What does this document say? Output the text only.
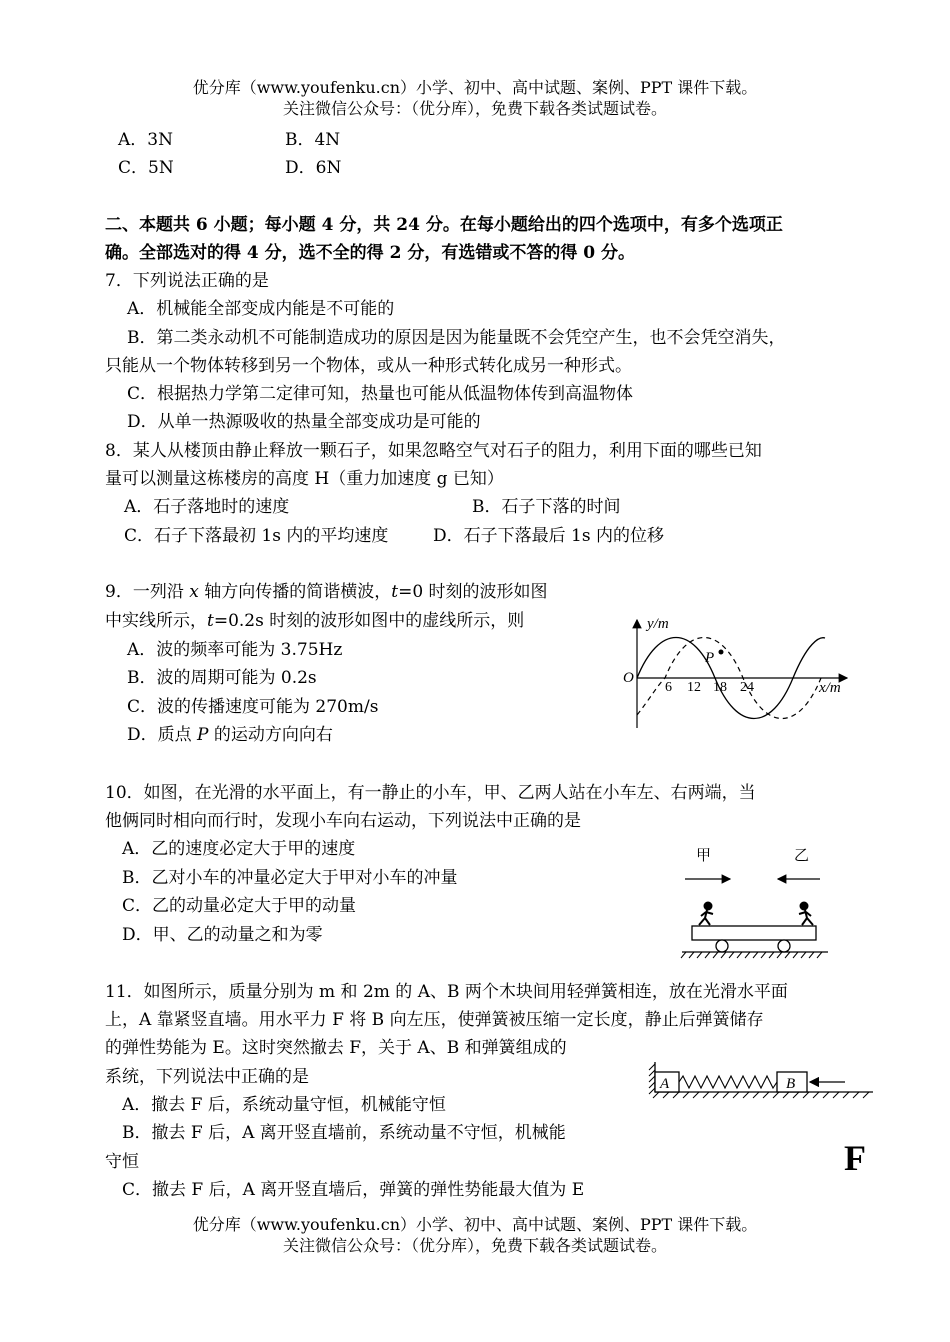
优分库（www.youfenku.cn）小学、初中、高中试题、案例、PPT 课件下载。
关注微信公众号：（优分库），免费下载各类试题试卷。
A．3N	B．4N
C．5N	D．6N
二、本题共 6 小题；每小题 4 分，共 24 分。在每小题给出的四个选项中，有多个选项正
确。全部选对的得 4 分，选不全的得 2 分，有选错或不答的得 0 分。
7．下列说法正确的是
A．机械能全部变成内能是不可能的
B．第二类永动机不可能制造成功的原因是因为能量既不会凭空产生，也不会凭空消失，
只能从一个物体转移到另一个物体，或从一种形式转化成另一种形式。
C．根据热力学第二定律可知，热量也可能从低温物体传到高温物体
D．从单一热源吸收的热量全部变成功是可能的
8．某人从楼顶由静止释放一颗石子，如果忽略空气对石子的阻力，利用下面的哪些已知
量可以测量这栋楼房的高度 H（重力加速度 g 已知）
A．石子落地时的速度	B．石子下落的时间
C．石子下落最初 1s 内的平均速度	D．石子下落最后 1s 内的位移
9．一列沿 x 轴方向传播的简谐横波，t=0 时刻的波形如图
中实线所示，t=0.2s 时刻的波形如图中的虚线所示，则
A．波的频率可能为 3.75Hz
B．波的周期可能为 0.2s
C．波的传播速度可能为 270m/s
D．质点 P 的运动方向向右
y/m
x/m
O
P
6 12 18 24
10．如图，在光滑的水平面上，有一静止的小车，甲、乙两人站在小车左、右两端，当
他俩同时相向而行时，发现小车向右运动，下列说法中正确的是
A．乙的速度必定大于甲的速度
B．乙对小车的冲量必定大于甲对小车的冲量
C．乙的动量必定大于甲的动量
D．甲、乙的动量之和为零
甲	乙
11．如图所示，质量分别为 m 和 2m 的 A、B 两个木块间用轻弹簧相连，放在光滑水平面
上，A 靠紧竖直墙。用水平力 F 将 B 向左压，使弹簧被压缩一定长度，静止后弹簧储存
的弹性势能为 E。这时突然撤去 F，关于 A、B 和弹簧组成的
系统，下列说法中正确的是
A．撤去 F 后，系统动量守恒，机械能守恒
B．撤去 F 后，A 离开竖直墙前，系统动量不守恒，机械能
守恒
C．撤去 F 后，A 离开竖直墙后，弹簧的弹性势能最大值为 E
A	B
F
优分库（www.youfenku.cn）小学、初中、高中试题、案例、PPT 课件下载。
关注微信公众号：（优分库），免费下载各类试题试卷。
